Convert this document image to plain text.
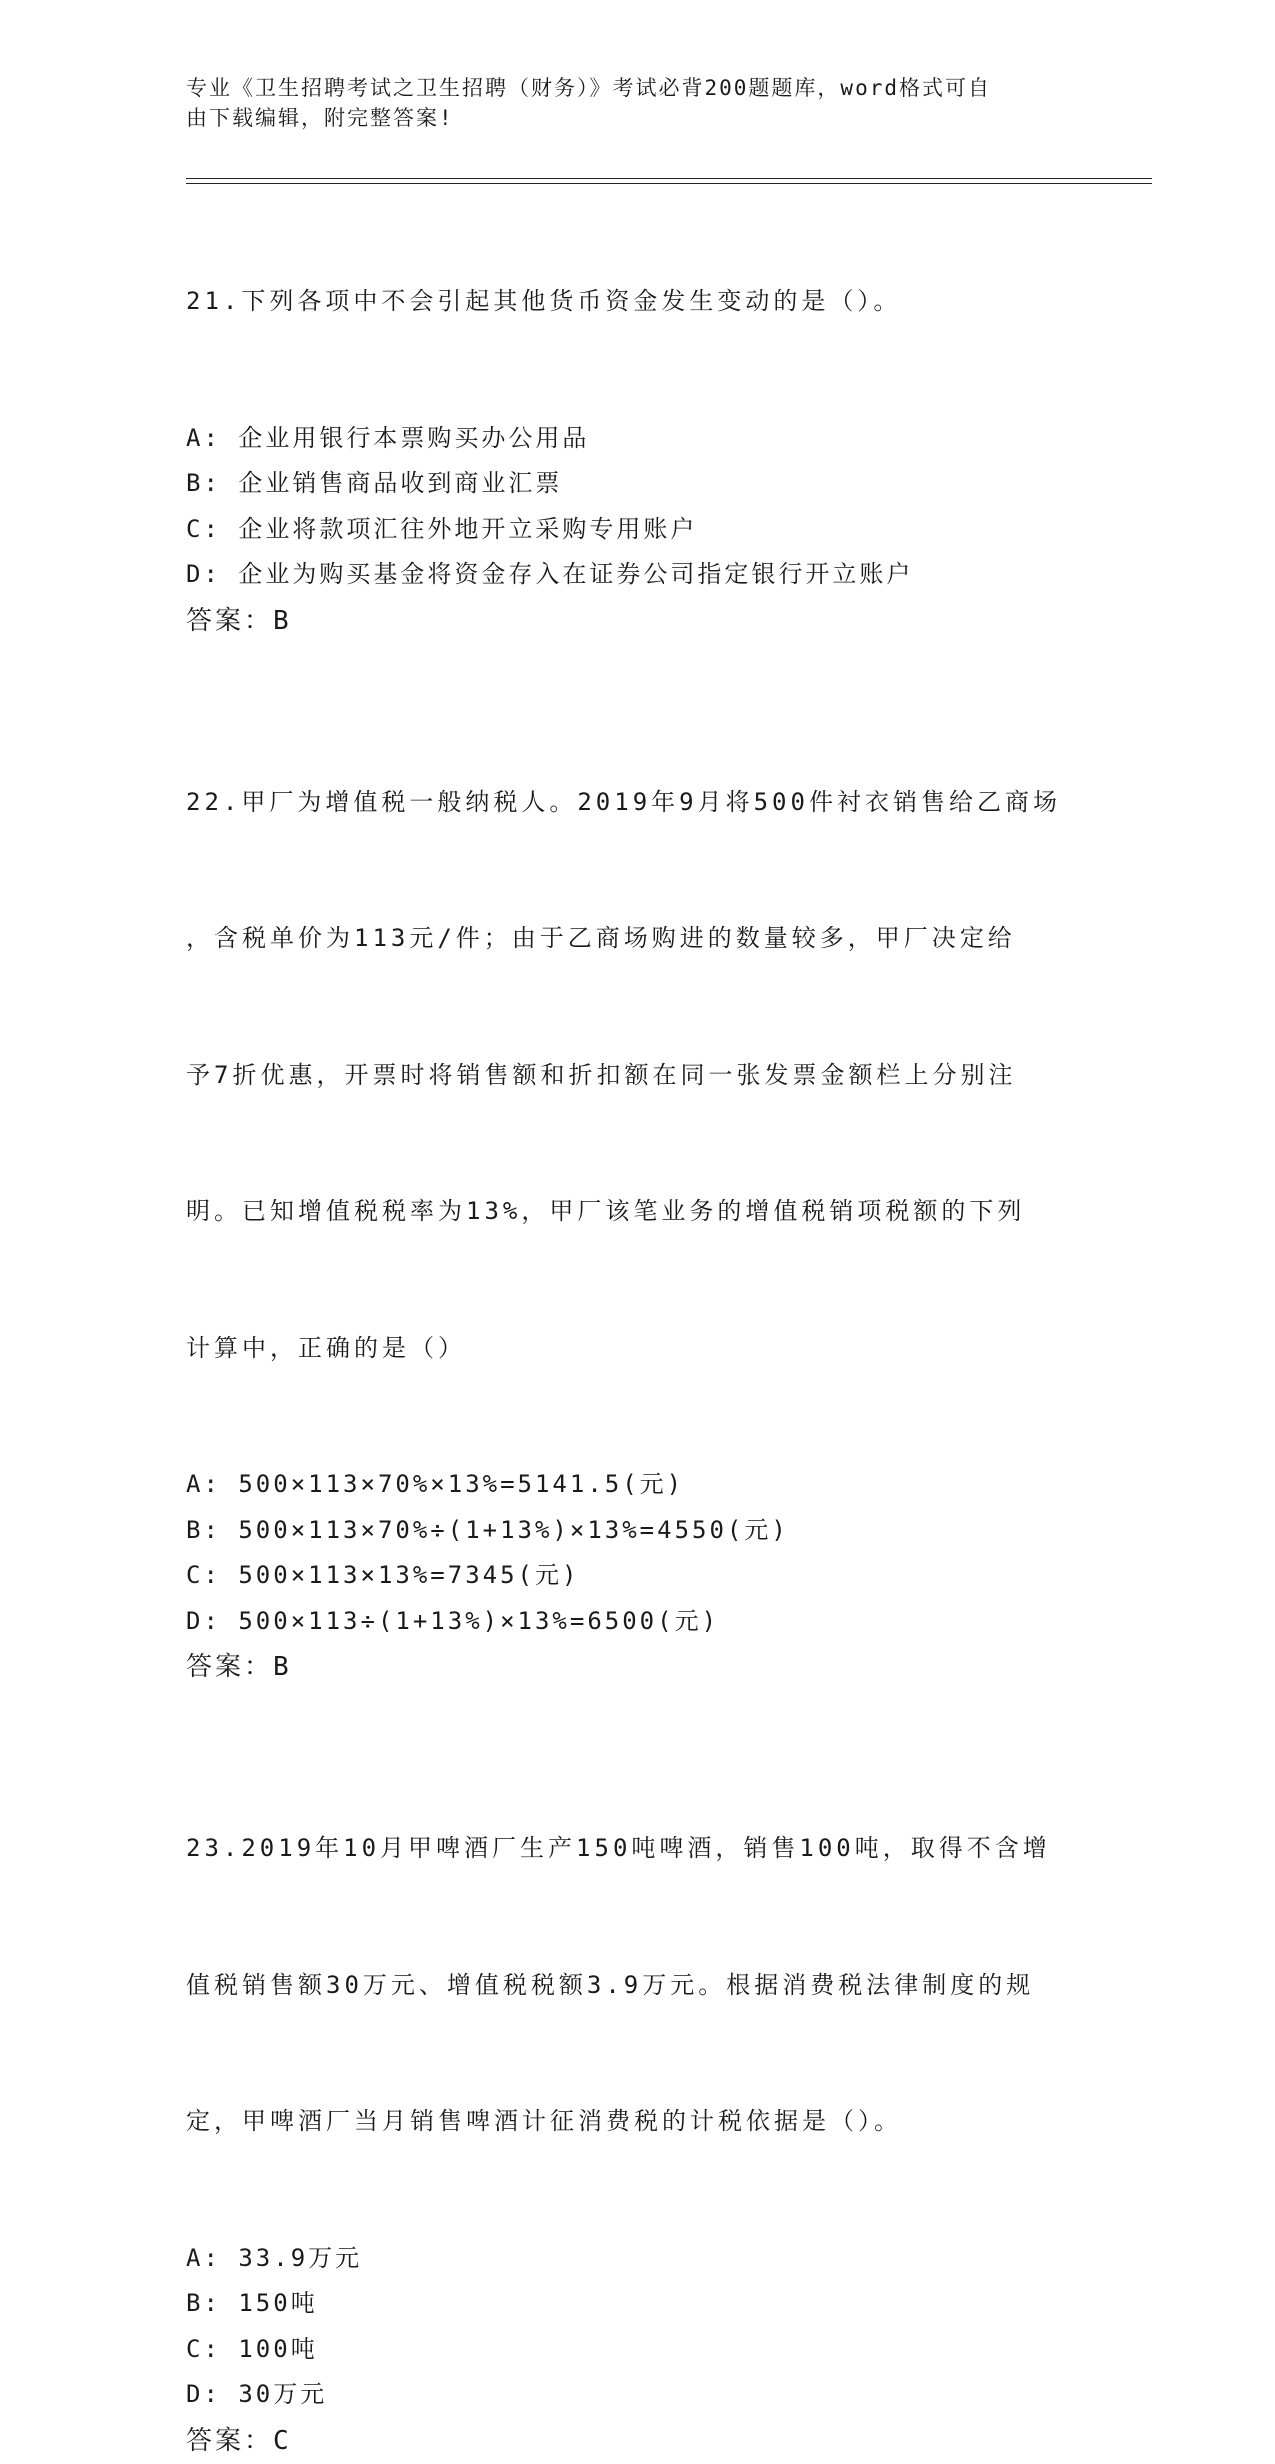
专业《卫生招聘考试之卫生招聘（财务）》考试必背200题题库，word格式可自
由下载编辑，附完整答案!

21.下列各项中不会引起其他货币资金发生变动的是（）。

A: 企业用银行本票购买办公用品
B: 企业销售商品收到商业汇票
C: 企业将款项汇往外地开立采购专用账户
D: 企业为购买基金将资金存入在证券公司指定银行开立账户
答案：B

22.甲厂为增值税一般纳税人。2019年9月将500件衬衣销售给乙商场

，含税单价为113元/件；由于乙商场购进的数量较多，甲厂决定给

予7折优惠，开票时将销售额和折扣额在同一张发票金额栏上分别注

明。已知增值税税率为13%，甲厂该笔业务的增值税销项税额的下列

计算中，正确的是（）

A: 500×113×70%×13%=5141.5(元)
B: 500×113×70%÷(1+13%)×13%=4550(元)
C: 500×113×13%=7345(元)
D: 500×113÷(1+13%)×13%=6500(元)
答案：B

23.2019年10月甲啤酒厂生产150吨啤酒，销售100吨，取得不含增

值税销售额30万元、增值税税额3.9万元。根据消费税法律制度的规

定，甲啤酒厂当月销售啤酒计征消费税的计税依据是（）。

A: 33.9万元
B: 150吨
C: 100吨
D: 30万元
答案：C
